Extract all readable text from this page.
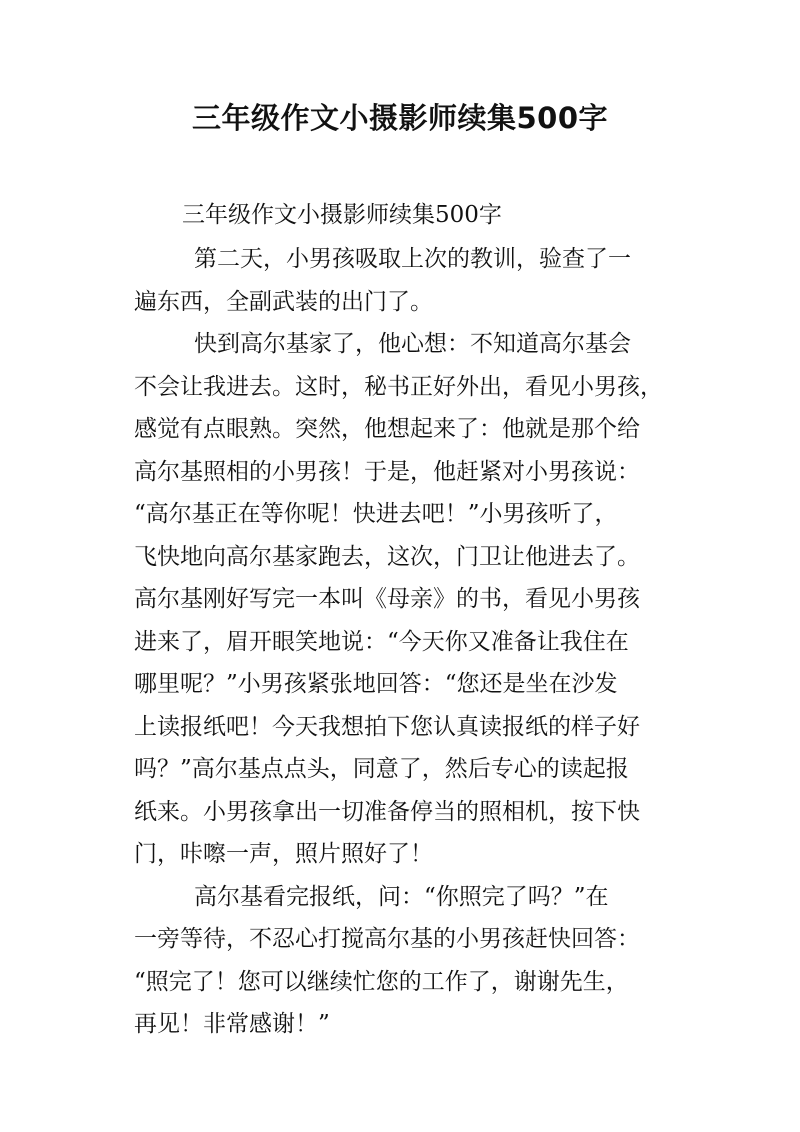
三年级作文小摄影师续集500字

三年级作文小摄影师续集500字

第二天，小男孩吸取上次的教训，验查了一
遍东西，全副武装的出门了。
快到高尔基家了，他心想：不知道高尔基会
不会让我进去。这时，秘书正好外出，看见小男孩，
感觉有点眼熟。突然，他想起来了：他就是那个给
高尔基照相的小男孩！于是，他赶紧对小男孩说：
“高尔基正在等你呢！快进去吧！”小男孩听了，
飞快地向高尔基家跑去，这次，门卫让他进去了。
高尔基刚好写完一本叫《母亲》的书，看见小男孩
进来了，眉开眼笑地说：“今天你又准备让我住在
哪里呢？”小男孩紧张地回答：“您还是坐在沙发
上读报纸吧！今天我想拍下您认真读报纸的样子好
吗？”高尔基点点头，同意了，然后专心的读起报
纸来。小男孩拿出一切准备停当的照相机，按下快
门，咔嚓一声，照片照好了！
高尔基看完报纸，问：“你照完了吗？”在
一旁等待，不忍心打搅高尔基的小男孩赶快回答：
“照完了！您可以继续忙您的工作了，谢谢先生，
再见！非常感谢！”
